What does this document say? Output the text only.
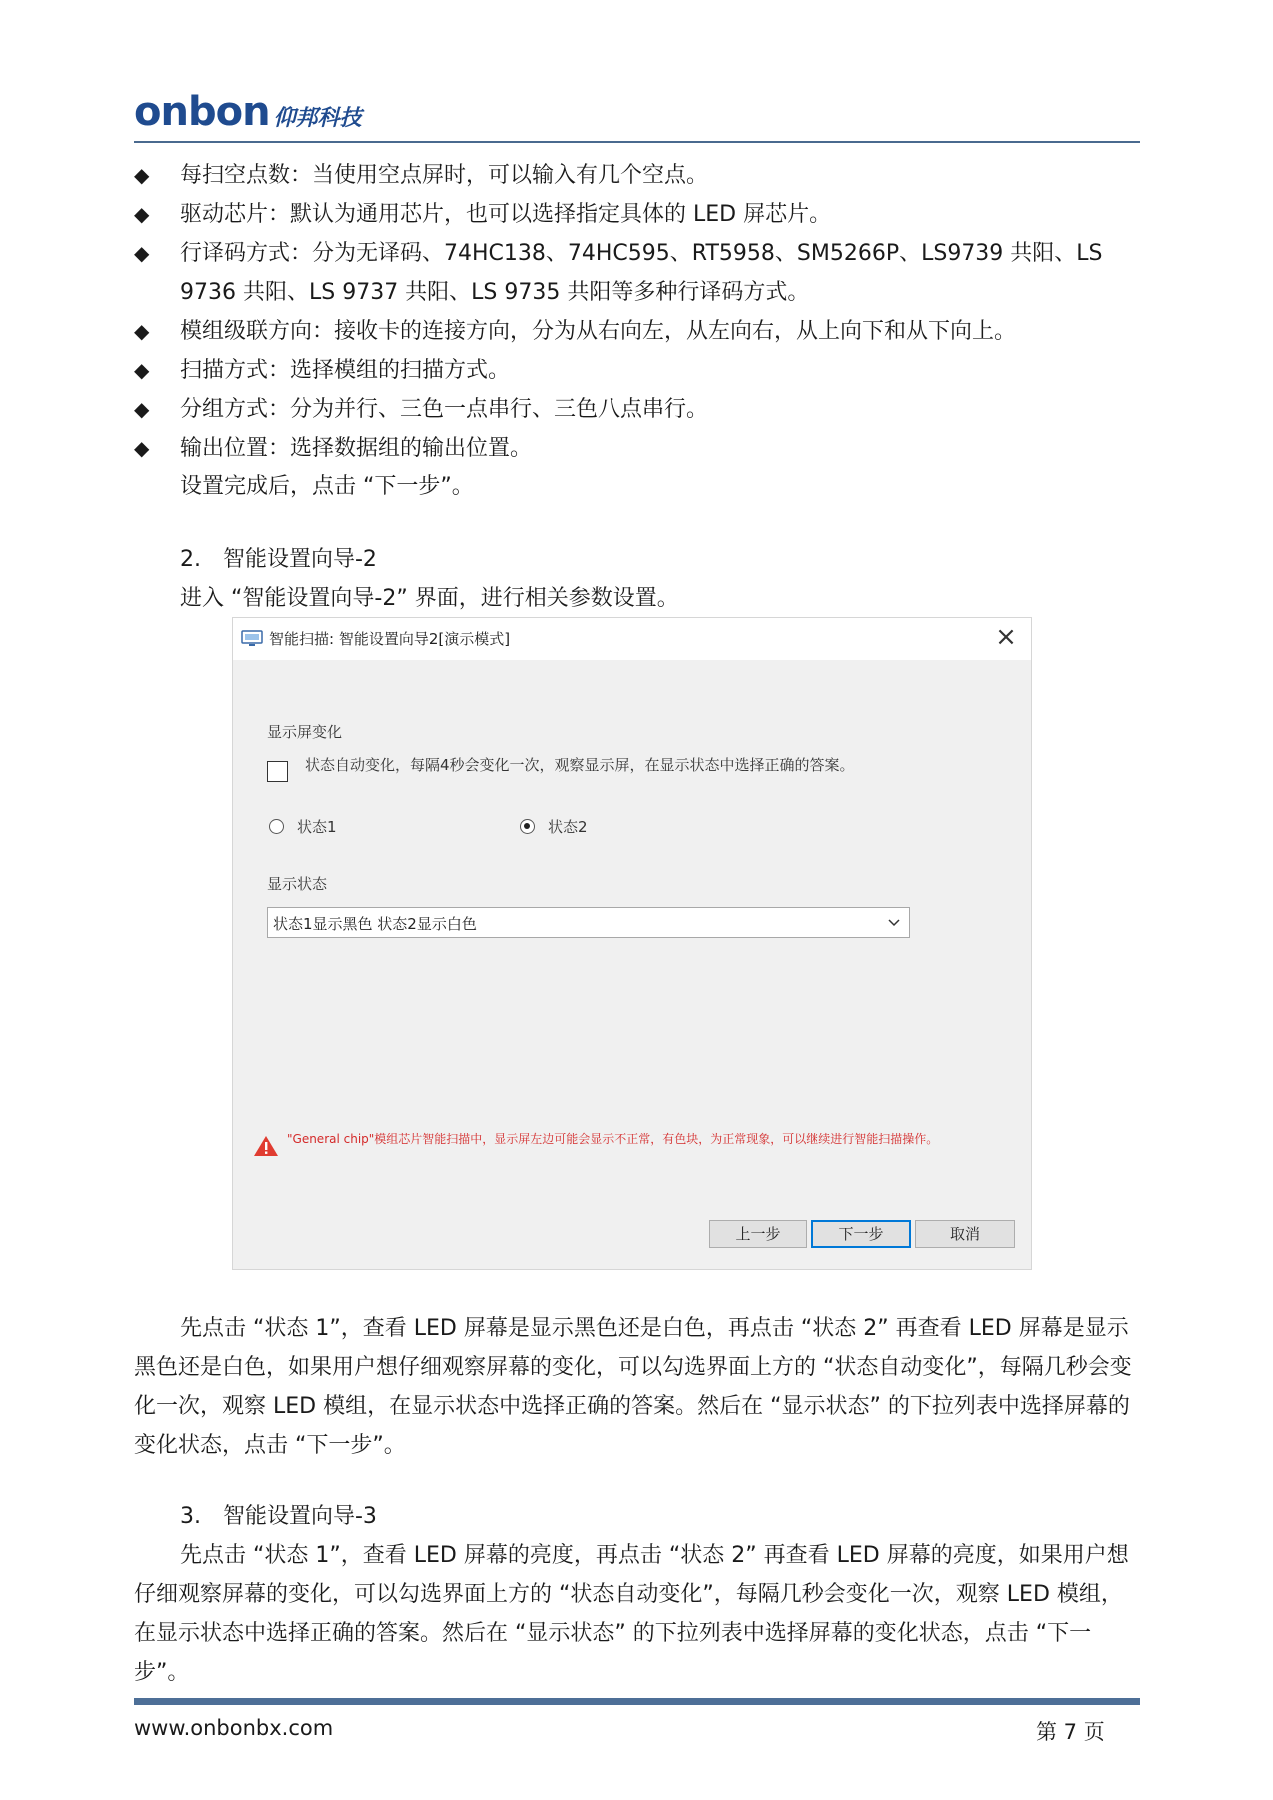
onbon 仰邦科技
◆	每扫空点数：当使用空点屏时，可以输入有几个空点。
◆	驱动芯片：默认为通用芯片，也可以选择指定具体的 LED 屏芯片。
◆	行译码方式：分为无译码、74HC138、74HC595、RT5958、SM5266P、LS9739 共阳、LS 9736 共阳、LS 9737 共阳、LS 9735 共阳等多种行译码方式。
◆	模组级联方向：接收卡的连接方向，分为从右向左，从左向右，从上向下和从下向上。
◆	扫描方式：选择模组的扫描方式。
◆	分组方式：分为并行、三色一点串行、三色八点串行。
◆	输出位置：选择数据组的输出位置。
设置完成后，点击 “下一步”。
2.　智能设置向导-2
进入 “智能设置向导-2” 界面，进行相关参数设置。
智能扫描: 智能设置向导2[演示模式]	×
显示屏变化
状态自动变化，每隔4秒会变化一次，观察显示屏，在显示状态中选择正确的答案。
状态1	状态2
显示状态
状态1显示黑色 状态2显示白色
"General chip"模组芯片智能扫描中，显示屏左边可能会显示不正常，有色块，为正常现象，可以继续进行智能扫描操作。
上一步	下一步	取消
先点击 “状态 1”，查看 LED 屏幕是显示黑色还是白色，再点击 “状态 2” 再查看 LED 屏幕是显示黑色还是白色，如果用户想仔细观察屏幕的变化，可以勾选界面上方的 “状态自动变化”，每隔几秒会变化一次，观察 LED 模组，在显示状态中选择正确的答案。然后在 “显示状态” 的下拉列表中选择屏幕的变化状态，点击 “下一步”。
3.　智能设置向导-3
先点击 “状态 1”，查看 LED 屏幕的亮度，再点击 “状态 2” 再查看 LED 屏幕的亮度，如果用户想仔细观察屏幕的变化，可以勾选界面上方的 “状态自动变化”，每隔几秒会变化一次，观察 LED 模组，在显示状态中选择正确的答案。然后在 “显示状态” 的下拉列表中选择屏幕的变化状态，点击 “下一步”。
www.onbonbx.com	第 7 页
